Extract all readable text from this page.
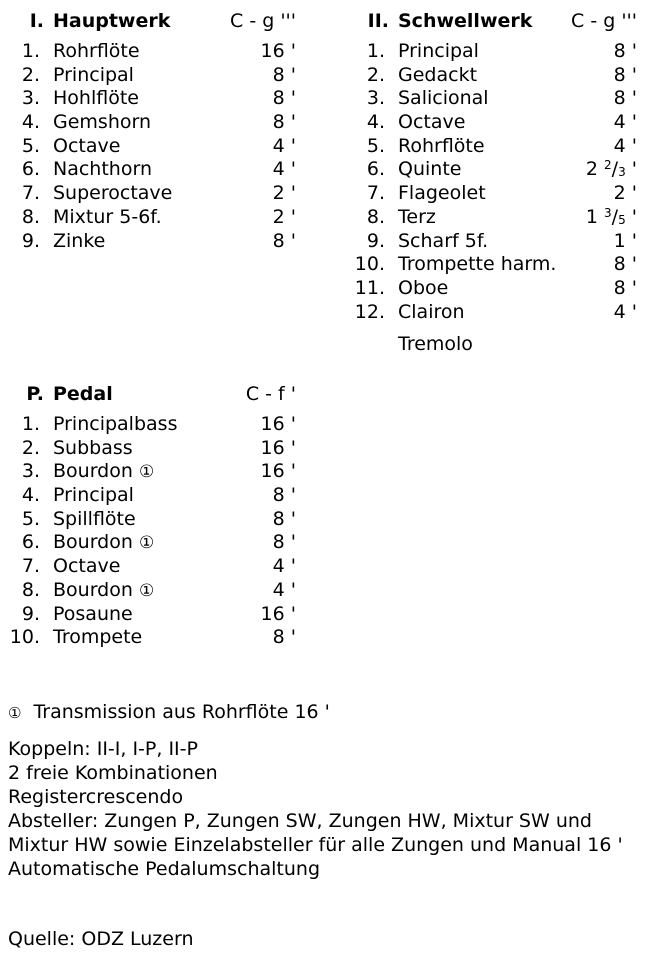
I. Hauptwerk	C - g '''
1. Rohrflöte	16 '
2. Principal	8 '
3. Hohlflöte	8 '
4. Gemshorn	8 '
5. Octave	4 '
6. Nachthorn	4 '
7. Superoctave	2 '
8. Mixtur 5-6f.	2 '
9. Zinke	8 '
II. Schwellwerk	C - g '''
1. Principal	8 '
2. Gedackt	8 '
3. Salicional	8 '
4. Octave	4 '
5. Rohrflöte	4 '
6. Quinte	2 $^2/_3$ '
7. Flageolet	2 '
8. Terz	1 $^3/_5$ '
9. Scharf 5f.	1 '
10. Trompette harm.	8 '
11. Oboe	8 '
12. Clairon	4 '
Tremolo
P. Pedal	C - f '
1. Principalbass	16 '
2. Subbass	16 '
3. Bourdon ①	16 '
4. Principal	8 '
5. Spillflöte	8 '
6. Bourdon ①	8 '
7. Octave	4 '
8. Bourdon ①	4 '
9. Posaune	16 '
10. Trompete	8 '
① Transmission aus Rohrflöte 16 '
Koppeln: II-I, I-P, II-P
2 freie Kombinationen
Registercrescendo
Absteller: Zungen P, Zungen SW, Zungen HW, Mixtur SW und
Mixtur HW sowie Einzelabsteller für alle Zungen und Manual 16 '
Automatische Pedalumschaltung
Quelle: ODZ Luzern
